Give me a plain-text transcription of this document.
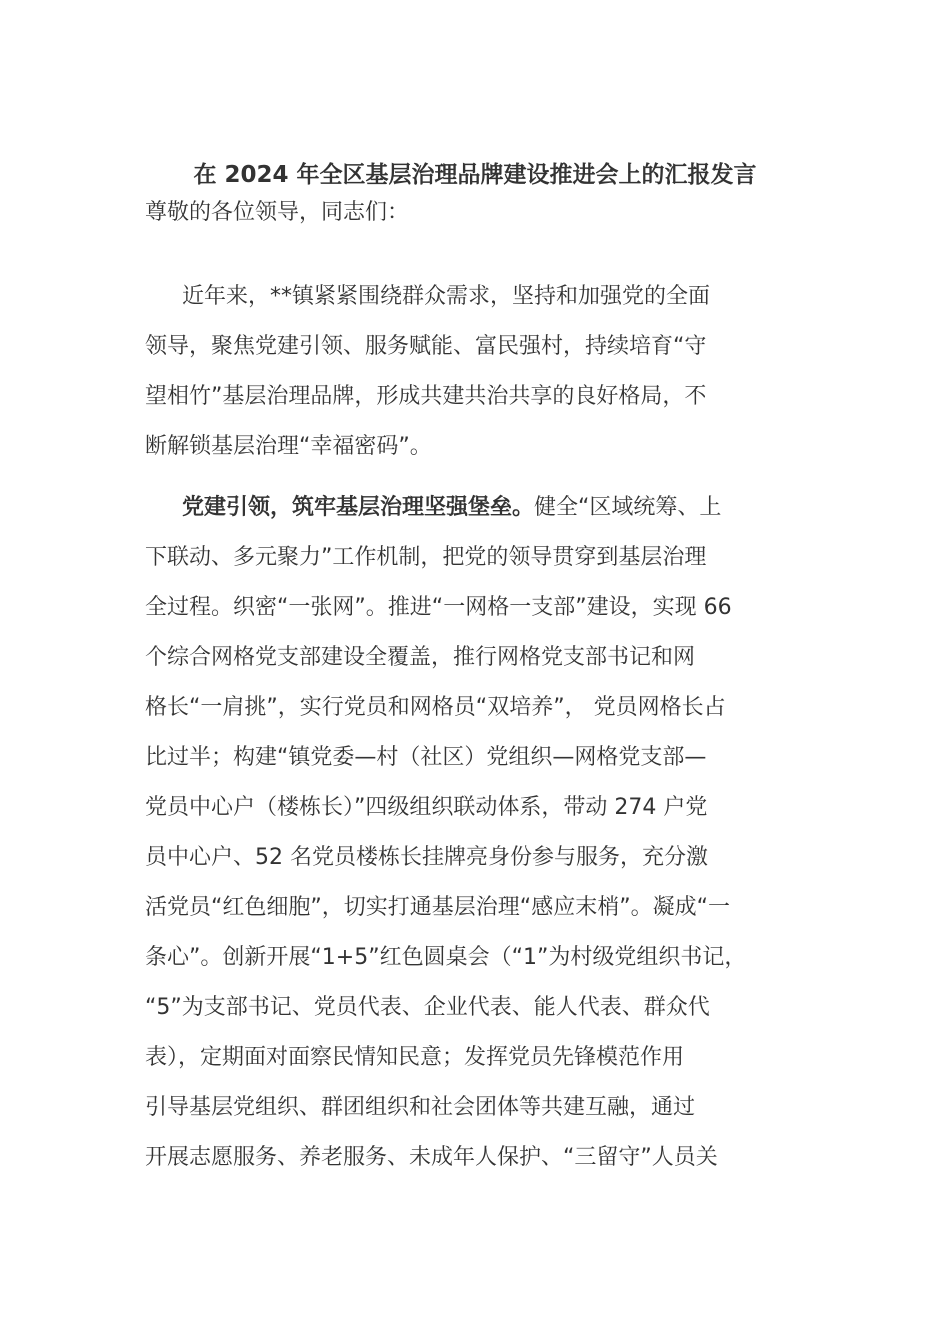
在 2024 年全区基层治理品牌建设推进会上的汇报发言
尊敬的各位领导，同志们：
近年来，**镇紧紧围绕群众需求，坚持和加强党的全面
领导，聚焦党建引领、服务赋能、富民强村，持续培育“守
望相竹”基层治理品牌，形成共建共治共享的良好格局，不
断解锁基层治理“幸福密码”。
党建引领，筑牢基层治理坚强堡垒。健全“区域统筹、上
下联动、多元聚力”工作机制，把党的领导贯穿到基层治理
全过程。织密“一张网”。推进“一网格一支部”建设，实现 66
个综合网格党支部建设全覆盖，推行网格党支部书记和网
格长“一肩挑”，实行党员和网格员“双培养”， 党员网格长占
比过半；构建“镇党委—村（社区）党组织—网格党支部—
党员中心户（楼栋长）”四级组织联动体系，带动 274 户党
员中心户、52 名党员楼栋长挂牌亮身份参与服务，充分激
活党员“红色细胞”，切实打通基层治理“感应末梢”。凝成“一
条心”。创新开展“1+5”红色圆桌会（“1”为村级党组织书记，
“5”为支部书记、党员代表、企业代表、能人代表、群众代
表），定期面对面察民情知民意；发挥党员先锋模范作用
引导基层党组织、群团组织和社会团体等共建互融，通过
开展志愿服务、养老服务、未成年人保护、“三留守”人员关
